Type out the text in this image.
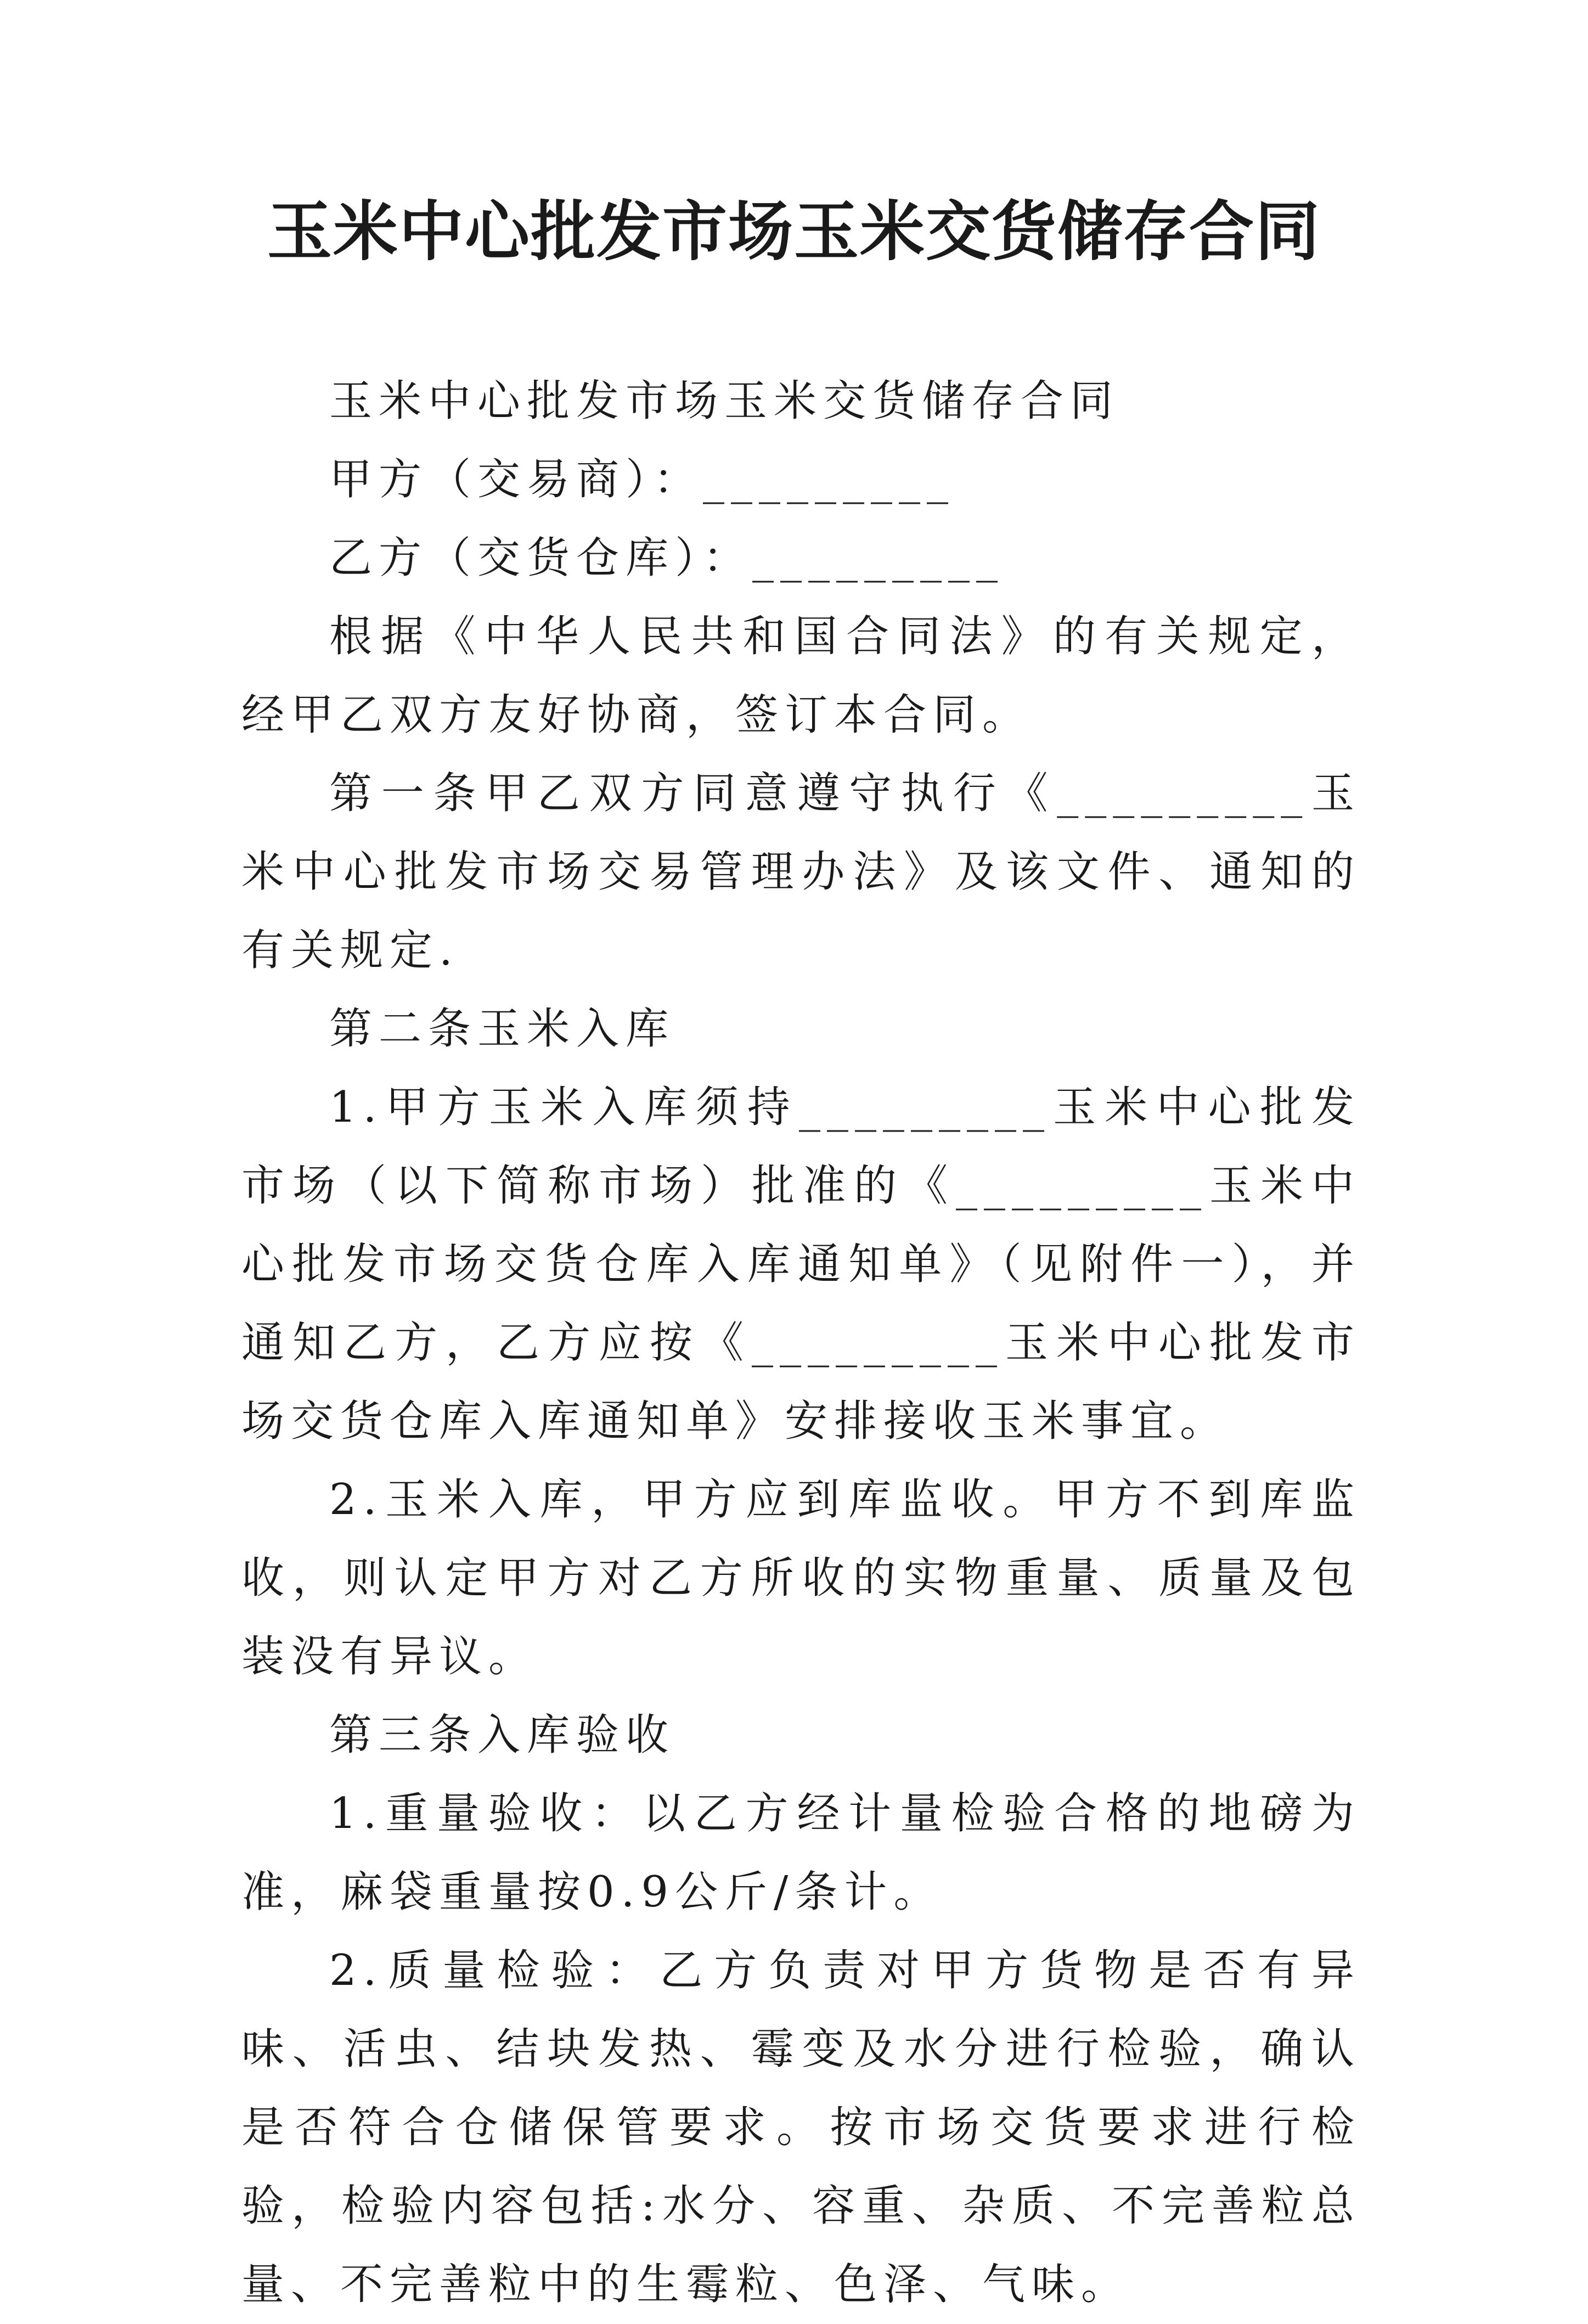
玉米中心批发市场玉米交货储存合同

玉米中心批发市场玉米交货储存合同

甲方（交易商）：_________

乙方（交货仓库）：_________

根据《中华人民共和国合同法》的有关规定，经甲乙双方友好协商，签订本合同。

第一条甲乙双方同意遵守执行《_________玉米中心批发市场交易管理办法》及该文件、通知的有关规定.

第二条玉米入库

1.甲方玉米入库须持_________玉米中心批发市场（以下简称市场）批准的《_________玉米中心批发市场交货仓库入库通知单》（见附件一），并通知乙方，乙方应按《_________玉米中心批发市场交货仓库入库通知单》安排接收玉米事宜。

2.玉米入库，甲方应到库监收。甲方不到库监收，则认定甲方对乙方所收的实物重量、质量及包装没有异议。

第三条入库验收

1.重量验收：以乙方经计量检验合格的地磅为准，麻袋重量按0.9公斤/条计。

2.质量检验：乙方负责对甲方货物是否有异味、活虫、结块发热、霉变及水分进行检验，确认是否符合仓储保管要求。按市场交货要求进行检验，检验内容包括:水分、容重、杂质、不完善粒总量、不完善粒中的生霉粒、色泽、气味。
